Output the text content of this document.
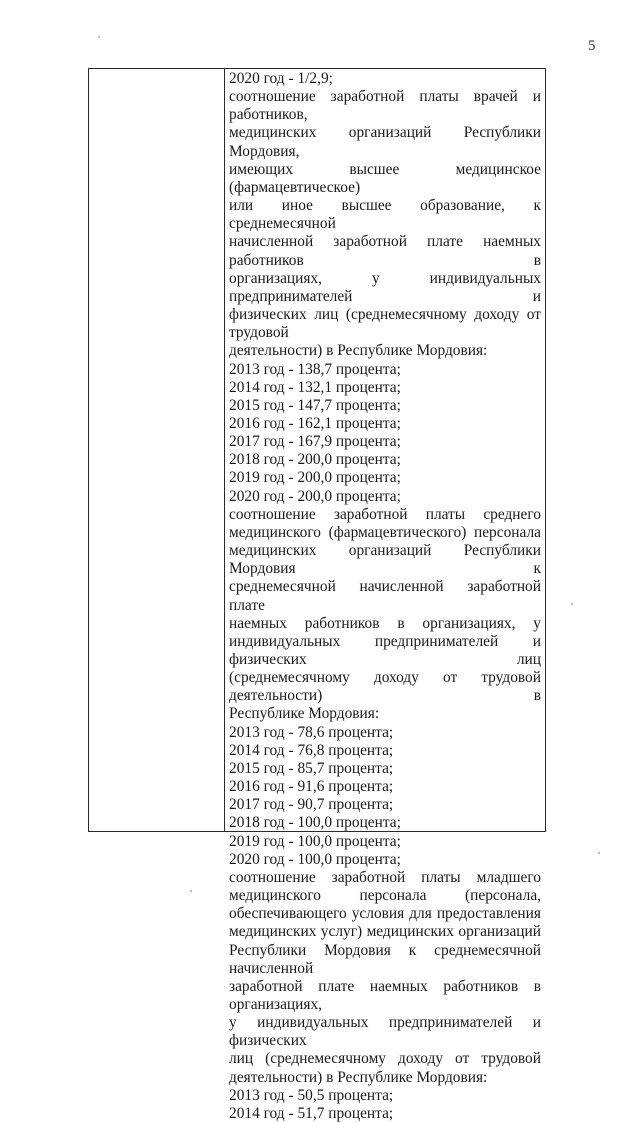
5
2020 год - 1/2,9;
соотношение заработной платы врачей и работников,
медицинских организаций Республики Мордовия,
имеющих высшее медицинское (фармацевтическое)
или иное высшее образование, к среднемесячной
начисленной заработной плате наемных работников в
организациях, у индивидуальных предпринимателей и
физических лиц (среднемесячному доходу от трудовой
деятельности) в Республике Мордовия:
2013 год - 138,7 процента;
2014 год - 132,1 процента;
2015 год - 147,7 процента;
2016 год - 162,1 процента;
2017 год - 167,9 процента;
2018 год - 200,0 процента;
2019 год - 200,0 процента;
2020 год - 200,0 процента;
соотношение заработной платы среднего
медицинского (фармацевтического) персонала
медицинских организаций Республики Мордовия к
среднемесячной начисленной заработной плате
наемных работников в организациях, у
индивидуальных предпринимателей и физических лиц
(среднемесячному доходу от трудовой деятельности) в
Республике Мордовия:
2013 год - 78,6 процента;
2014 год - 76,8 процента;
2015 год - 85,7 процента;
2016 год - 91,6 процента;
2017 год - 90,7 процента;
2018 год - 100,0 процента;
2019 год - 100,0 процента;
2020 год - 100,0 процента;
соотношение заработной платы младшего
медицинского персонала (персонала,
обеспечивающего условия для предоставления
медицинских услуг) медицинских организаций
Республики Мордовия к среднемесячной начисленной
заработной плате наемных работников в организациях,
у индивидуальных предпринимателей и физических
лиц (среднемесячному доходу от трудовой
деятельности) в Республике Мордовия:
2013 год - 50,5 процента;
2014 год - 51,7 процента;
